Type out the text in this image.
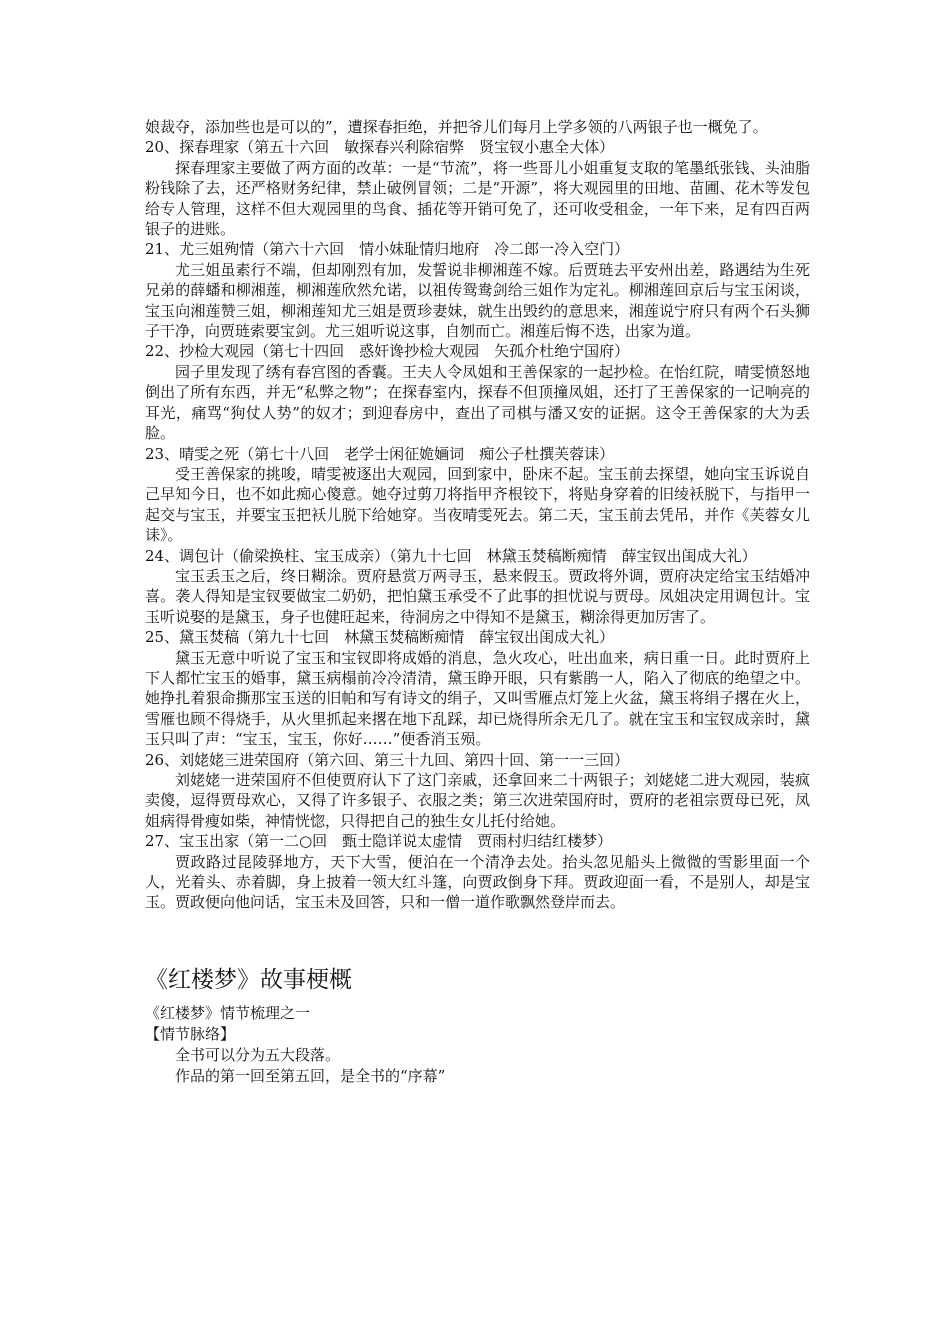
娘裁夺，添加些也是可以的”，遭探春拒绝，并把爷儿们每月上学多领的八两银子也一概免了。

20、探春理家（第五十六回　敏探春兴利除宿弊　贤宝钗小惠全大体）

探春理家主要做了两方面的改革：一是“节流”，将一些哥儿小姐重复支取的笔墨纸张钱、头油脂粉钱除了去，还严格财务纪律，禁止破例冒领；二是“开源”，将大观园里的田地、苗圃、花木等发包给专人管理，这样不但大观园里的鸟食、插花等开销可免了，还可收受租金，一年下来，足有四百两银子的进账。

21、尤三姐殉情（第六十六回　情小妹耻情归地府　冷二郎一冷入空门）

尤三姐虽素行不端，但却刚烈有加，发誓说非柳湘莲不嫁。后贾琏去平安州出差，路遇结为生死兄弟的薛蟠和柳湘莲，柳湘莲欣然允诺，以祖传鸳鸯剑给三姐作为定礼。柳湘莲回京后与宝玉闲谈，宝玉向湘莲赞三姐，柳湘莲知尤三姐是贾珍妻妹，就生出毁约的意思来，湘莲说宁府只有两个石头狮子干净，向贾琏索要宝剑。尤三姐听说这事，自刎而亡。湘莲后悔不迭，出家为道。

22、抄检大观园（第七十四回　惑奸谗抄检大观园　矢孤介杜绝宁国府）

园子里发现了绣有春宫图的香囊。王夫人令凤姐和王善保家的一起抄检。在怡红院，晴雯愤怒地倒出了所有东西，并无“私弊之物”；在探春室内，探春不但顶撞凤姐，还打了王善保家的一记响亮的耳光，痛骂“狗仗人势”的奴才；到迎春房中，查出了司棋与潘又安的证据。这令王善保家的大为丢脸。

23、晴雯之死（第七十八回　老学士闲征姽婳词　痴公子杜撰芙蓉诔）

受王善保家的挑唆，晴雯被逐出大观园，回到家中，卧床不起。宝玉前去探望，她向宝玉诉说自己早知今日，也不如此痴心傻意。她夺过剪刀将指甲齐根铰下，将贴身穿着的旧绫袄脱下，与指甲一起交与宝玉，并要宝玉把袄儿脱下给她穿。当夜晴雯死去。第二天，宝玉前去凭吊，并作《芙蓉女儿诔》。

24、调包计（偷梁换柱、宝玉成亲）（第九十七回　林黛玉焚稿断痴情　薛宝钗出闺成大礼）

宝玉丢玉之后，终日糊涂。贾府悬赏万两寻玉，悬来假玉。贾政将外调，贾府决定给宝玉结婚冲喜。袭人得知是宝钗要做宝二奶奶，把怕黛玉承受不了此事的担忧说与贾母。凤姐决定用调包计。宝玉听说娶的是黛玉，身子也健旺起来，待洞房之中得知不是黛玉，糊涂得更加厉害了。

25、黛玉焚稿（第九十七回　林黛玉焚稿断痴情　薛宝钗出闺成大礼）

黛玉无意中听说了宝玉和宝钗即将成婚的消息，急火攻心，吐出血来，病日重一日。此时贾府上下人都忙宝玉的婚事，黛玉病榻前冷冷清清，黛玉睁开眼，只有紫鹃一人，陷入了彻底的绝望之中。她挣扎着狠命撕那宝玉送的旧帕和写有诗文的绢子，又叫雪雁点灯笼上火盆，黛玉将绢子撂在火上，雪雁也顾不得烧手，从火里抓起来撂在地下乱踩，却已烧得所余无几了。就在宝玉和宝钗成亲时，黛玉只叫了声：“宝玉，宝玉，你好……”便香消玉殒。

26、刘姥姥三进荣国府（第六回、第三十九回、第四十回、第一一三回）

刘姥姥一进荣国府不但使贾府认下了这门亲戚，还拿回来二十两银子；刘姥姥二进大观园，装疯卖傻，逗得贾母欢心，又得了许多银子、衣服之类；第三次进荣国府时，贾府的老祖宗贾母已死，凤姐病得骨瘦如柴，神情恍惚，只得把自己的独生女儿托付给她。

27、宝玉出家（第一二○回　甄士隐详说太虚情　贾雨村归结红楼梦）

贾政路过昆陵驿地方，天下大雪，便泊在一个清净去处。抬头忽见船头上微微的雪影里面一个人，光着头、赤着脚，身上披着一领大红斗篷，向贾政倒身下拜。贾政迎面一看，不是别人，却是宝玉。贾政便向他问话，宝玉未及回答，只和一僧一道作歌飘然登岸而去。

《红楼梦》故事梗概

《红楼梦》情节梳理之一

【情节脉络】

全书可以分为五大段落。

作品的第一回至第五回，是全书的“序幕”
